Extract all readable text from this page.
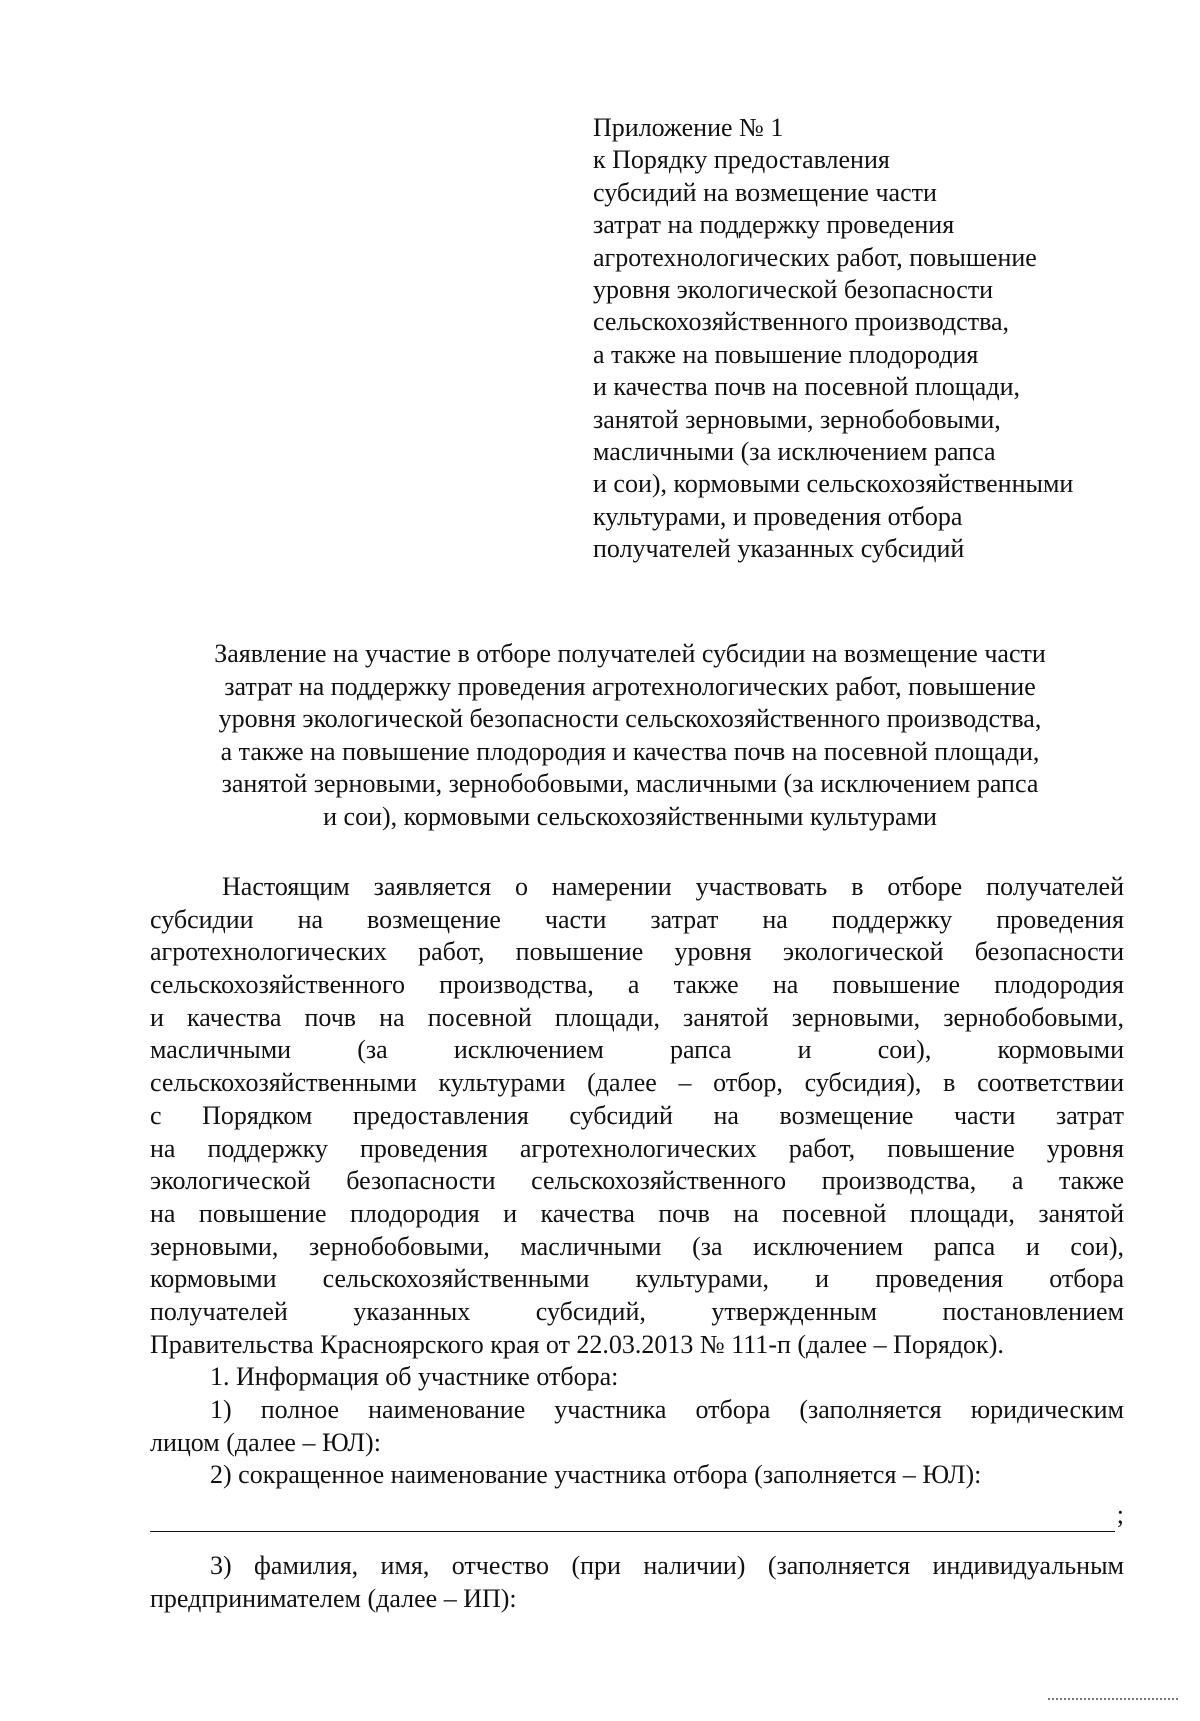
Приложение № 1
к Порядку предоставления
субсидий на возмещение части
затрат на поддержку проведения
агротехнологических работ, повышение
уровня экологической безопасности
сельскохозяйственного производства,
а также на повышение плодородия
и качества почв на посевной площади,
занятой зерновыми, зернобобовыми,
масличными (за исключением рапса
и сои), кормовыми сельскохозяйственными
культурами, и проведения отбора
получателей указанных субсидий
Заявление на участие в отборе получателей субсидии на возмещение части
затрат на поддержку проведения агротехнологических работ, повышение
уровня экологической безопасности сельскохозяйственного производства,
а также на повышение плодородия и качества почв на посевной площади,
занятой зерновыми, зернобобовыми, масличными (за исключением рапса
и сои), кормовыми сельскохозяйственными культурами
Настоящим заявляется о намерении участвовать в отборе получателей
субсидии на возмещение части затрат на поддержку проведения
агротехнологических работ, повышение уровня экологической безопасности
сельскохозяйственного производства, а также на повышение плодородия
и качества почв на посевной площади, занятой зерновыми, зернобобовыми,
масличными (за исключением рапса и сои), кормовыми
сельскохозяйственными культурами (далее – отбор, субсидия), в соответствии
с Порядком предоставления субсидий на возмещение части затрат
на поддержку проведения агротехнологических работ, повышение уровня
экологической безопасности сельскохозяйственного производства, а также
на повышение плодородия и качества почв на посевной площади, занятой
зерновыми, зернобобовыми, масличными (за исключением рапса и сои),
кормовыми сельскохозяйственными культурами, и проведения отбора
получателей указанных субсидий, утвержденным постановлением
Правительства Красноярского края от 22.03.2013 № 111-п (далее – Порядок).
1. Информация об участнике отбора:
1) полное наименование участника отбора (заполняется юридическим
лицом (далее – ЮЛ):
2) сокращенное наименование участника отбора (заполняется – ЮЛ):
;
3) фамилия, имя, отчество (при наличии) (заполняется индивидуальным
предпринимателем (далее – ИП):
